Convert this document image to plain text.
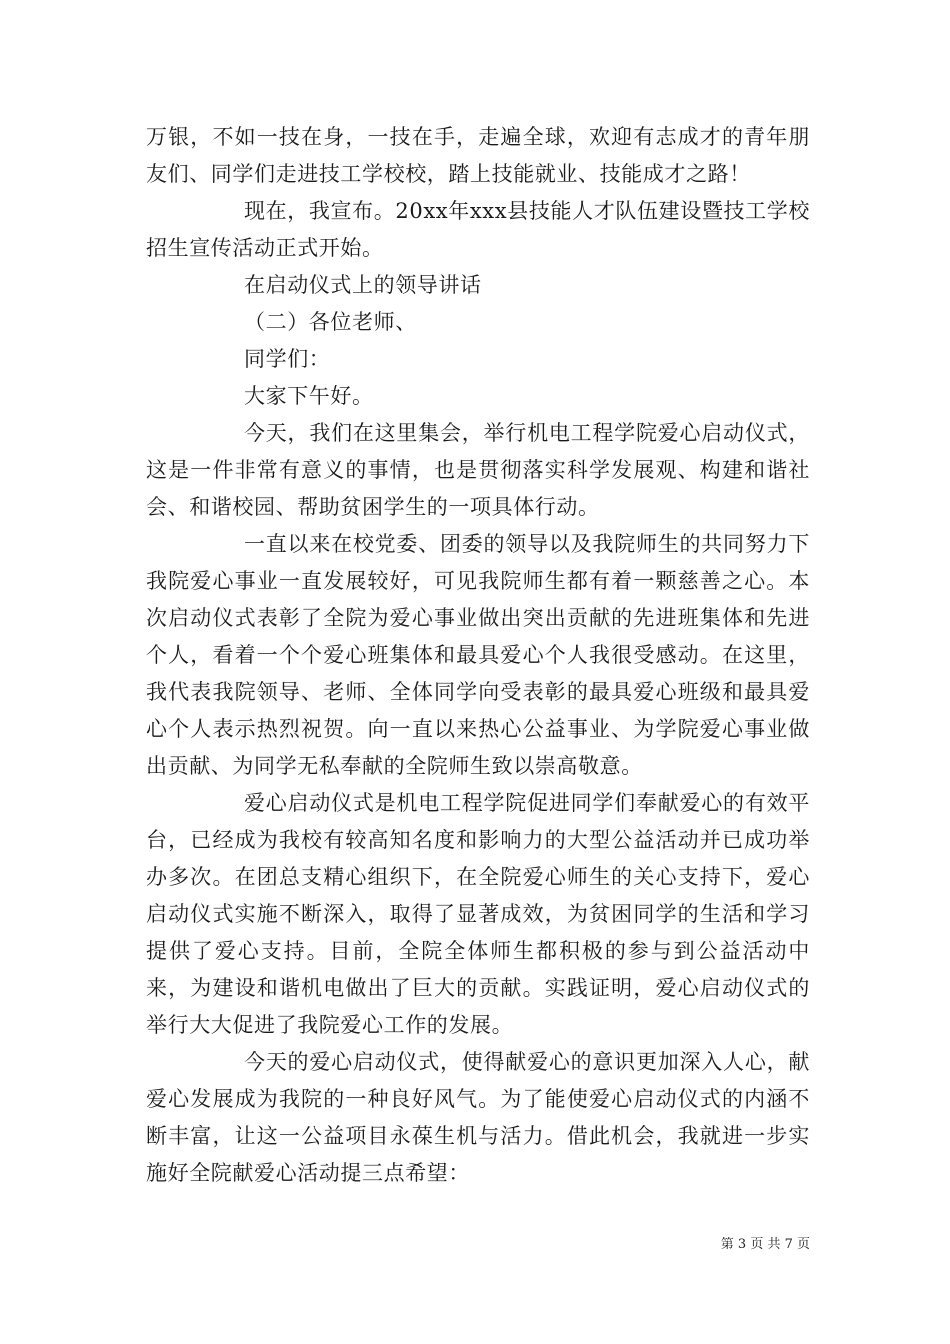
万银，不如一技在身，一技在手，走遍全球，欢迎有志成才的青年朋友们、同学们走进技工学校校，踏上技能就业、技能成才之路！

现在，我宣布。20xx年xxx县技能人才队伍建设暨技工学校招生宣传活动正式开始。

在启动仪式上的领导讲话

（二）各位老师、

同学们：

大家下午好。

今天，我们在这里集会，举行机电工程学院爱心启动仪式，这是一件非常有意义的事情，也是贯彻落实科学发展观、构建和谐社会、和谐校园、帮助贫困学生的一项具体行动。

一直以来在校党委、团委的领导以及我院师生的共同努力下我院爱心事业一直发展较好，可见我院师生都有着一颗慈善之心。本次启动仪式表彰了全院为爱心事业做出突出贡献的先进班集体和先进个人，看着一个个爱心班集体和最具爱心个人我很受感动。在这里，我代表我院领导、老师、全体同学向受表彰的最具爱心班级和最具爱心个人表示热烈祝贺。向一直以来热心公益事业、为学院爱心事业做出贡献、为同学无私奉献的全院师生致以崇高敬意。

爱心启动仪式是机电工程学院促进同学们奉献爱心的有效平台，已经成为我校有较高知名度和影响力的大型公益活动并已成功举办多次。在团总支精心组织下，在全院爱心师生的关心支持下，爱心启动仪式实施不断深入，取得了显著成效，为贫困同学的生活和学习提供了爱心支持。目前，全院全体师生都积极的参与到公益活动中来，为建设和谐机电做出了巨大的贡献。实践证明，爱心启动仪式的举行大大促进了我院爱心工作的发展。

今天的爱心启动仪式，使得献爱心的意识更加深入人心，献爱心发展成为我院的一种良好风气。为了能使爱心启动仪式的内涵不断丰富，让这一公益项目永葆生机与活力。借此机会，我就进一步实施好全院献爱心活动提三点希望：

第 3 页 共 7 页
